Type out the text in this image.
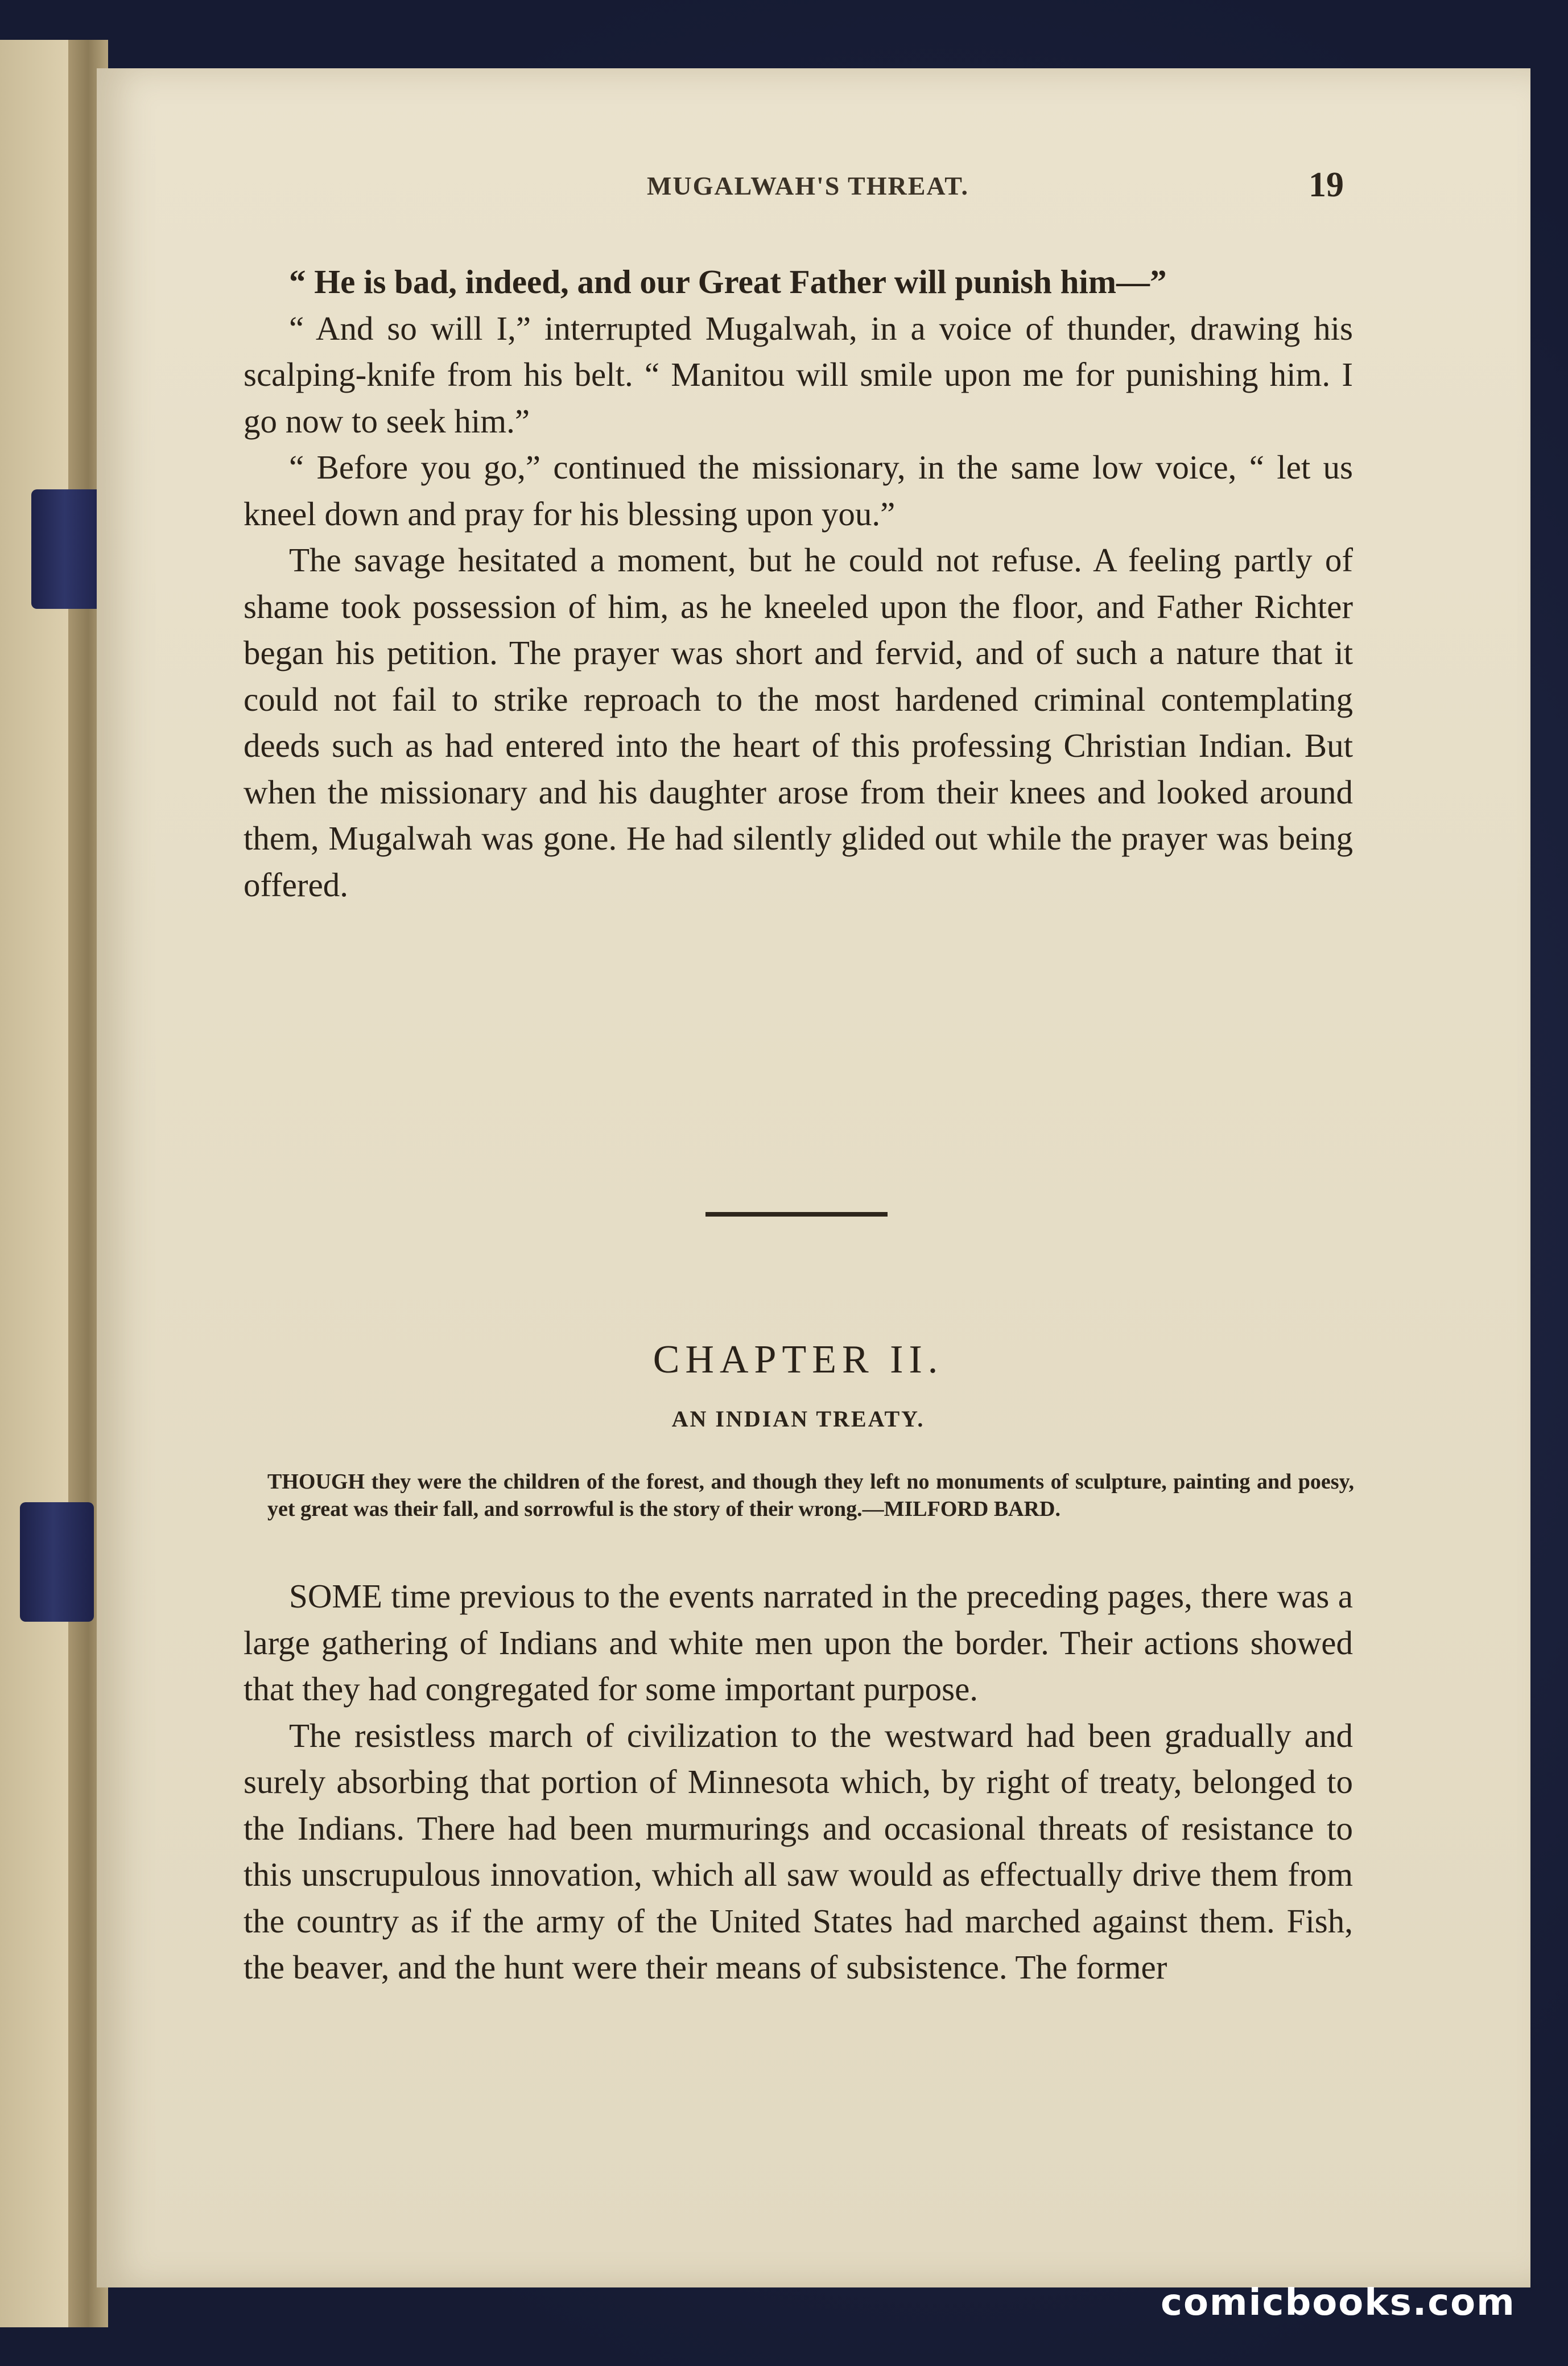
MUGALWAH'S THREAT.	19

“ He is bad, indeed, and our Great Father will punish him—”

“ And so will I,” interrupted Mugalwah, in a voice of thunder, drawing his scalping-knife from his belt. “ Manitou will smile upon me for punishing him. I go now to seek him.”

“ Before you go,” continued the missionary, in the same low voice, “ let us kneel down and pray for his blessing upon you.”

The savage hesitated a moment, but he could not refuse. A feeling partly of shame took possession of him, as he kneeled upon the floor, and Father Richter began his petition. The prayer was short and fervid, and of such a nature that it could not fail to strike reproach to the most hardened criminal contemplating deeds such as had entered into the heart of this professing Christian Indian. But when the missionary and his daughter arose from their knees and looked around them, Mugalwah was gone. He had silently glided out while the prayer was being offered.

CHAPTER II.
AN INDIAN TREATY.
THOUGH they were the children of the forest, and though they left no monuments of sculpture, painting and poesy, yet great was their fall, and sorrowful is the story of their wrong.—MILFORD BARD.

SOME time previous to the events narrated in the preceding pages, there was a large gathering of Indians and white men upon the border. Their actions showed that they had congregated for some important purpose.

The resistless march of civilization to the westward had been gradually and surely absorbing that portion of Minnesota which, by right of treaty, belonged to the Indians. There had been murmurings and occasional threats of resistance to this unscrupulous innovation, which all saw would as effectually drive them from the country as if the army of the United States had marched against them. Fish, the beaver, and the hunt were their means of subsistence. The former

comicbooks.com
